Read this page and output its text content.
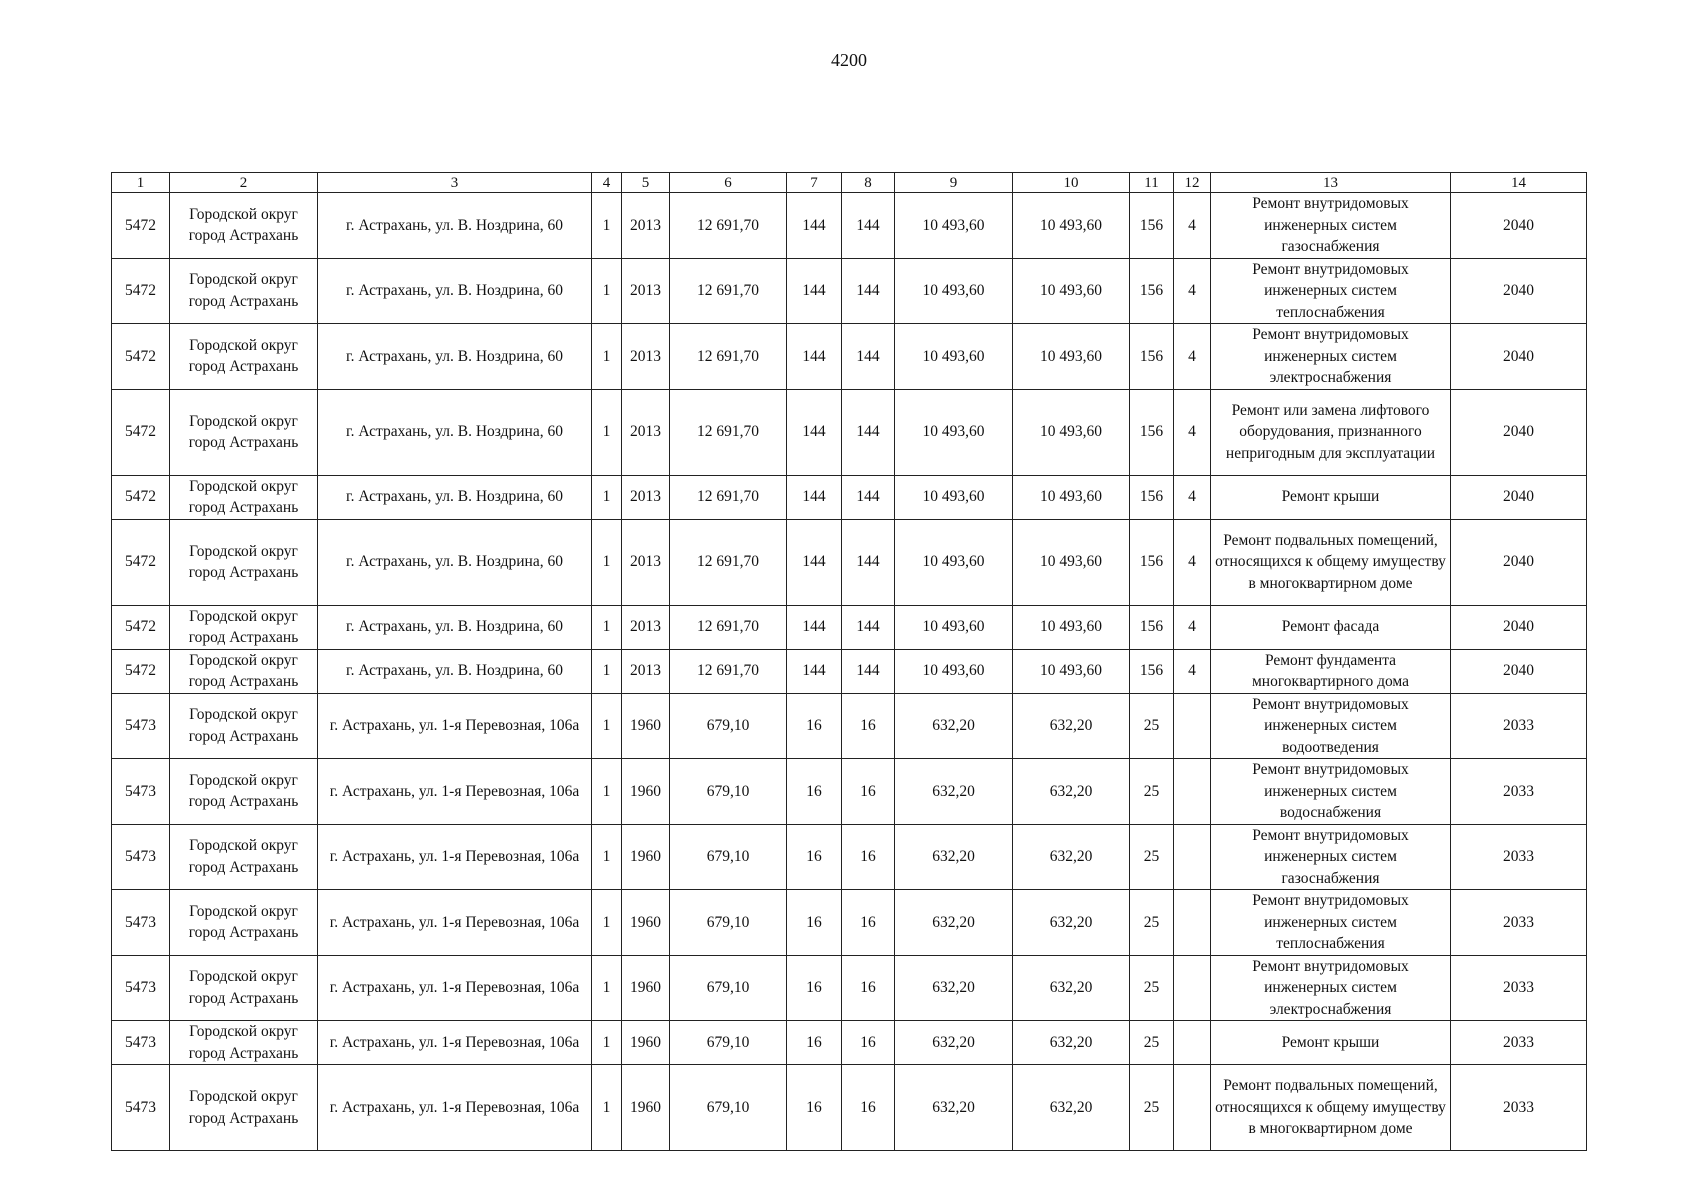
4200
1	2	3	4	5	6	7	8	9	10	11	12	13	14
5472	Городской округ город Астрахань	г. Астрахань, ул. В. Ноздрина, 60	1	2013	12 691,70	144	144	10 493,60	10 493,60	156	4	Ремонт внутридомовых инженерных систем газоснабжения	2040
5472	Городской округ город Астрахань	г. Астрахань, ул. В. Ноздрина, 60	1	2013	12 691,70	144	144	10 493,60	10 493,60	156	4	Ремонт внутридомовых инженерных систем теплоснабжения	2040
5472	Городской округ город Астрахань	г. Астрахань, ул. В. Ноздрина, 60	1	2013	12 691,70	144	144	10 493,60	10 493,60	156	4	Ремонт внутридомовых инженерных систем электроснабжения	2040
5472	Городской округ город Астрахань	г. Астрахань, ул. В. Ноздрина, 60	1	2013	12 691,70	144	144	10 493,60	10 493,60	156	4	Ремонт или замена лифтового оборудования, признанного непригодным для эксплуатации	2040
5472	Городской округ город Астрахань	г. Астрахань, ул. В. Ноздрина, 60	1	2013	12 691,70	144	144	10 493,60	10 493,60	156	4	Ремонт крыши	2040
5472	Городской округ город Астрахань	г. Астрахань, ул. В. Ноздрина, 60	1	2013	12 691,70	144	144	10 493,60	10 493,60	156	4	Ремонт подвальных помещений, относящихся к общему имуществу в многоквартирном доме	2040
5472	Городской округ город Астрахань	г. Астрахань, ул. В. Ноздрина, 60	1	2013	12 691,70	144	144	10 493,60	10 493,60	156	4	Ремонт фасада	2040
5472	Городской округ город Астрахань	г. Астрахань, ул. В. Ноздрина, 60	1	2013	12 691,70	144	144	10 493,60	10 493,60	156	4	Ремонт фундамента многоквартирного дома	2040
5473	Городской округ город Астрахань	г. Астрахань, ул. 1-я Перевозная, 106а	1	1960	679,10	16	16	632,20	632,20	25		Ремонт внутридомовых инженерных систем водоотведения	2033
5473	Городской округ город Астрахань	г. Астрахань, ул. 1-я Перевозная, 106а	1	1960	679,10	16	16	632,20	632,20	25		Ремонт внутридомовых инженерных систем водоснабжения	2033
5473	Городской округ город Астрахань	г. Астрахань, ул. 1-я Перевозная, 106а	1	1960	679,10	16	16	632,20	632,20	25		Ремонт внутридомовых инженерных систем газоснабжения	2033
5473	Городской округ город Астрахань	г. Астрахань, ул. 1-я Перевозная, 106а	1	1960	679,10	16	16	632,20	632,20	25		Ремонт внутридомовых инженерных систем теплоснабжения	2033
5473	Городской округ город Астрахань	г. Астрахань, ул. 1-я Перевозная, 106а	1	1960	679,10	16	16	632,20	632,20	25		Ремонт внутридомовых инженерных систем электроснабжения	2033
5473	Городской округ город Астрахань	г. Астрахань, ул. 1-я Перевозная, 106а	1	1960	679,10	16	16	632,20	632,20	25		Ремонт крыши	2033
5473	Городской округ город Астрахань	г. Астрахань, ул. 1-я Перевозная, 106а	1	1960	679,10	16	16	632,20	632,20	25		Ремонт подвальных помещений, относящихся к общему имуществу в многоквартирном доме	2033
